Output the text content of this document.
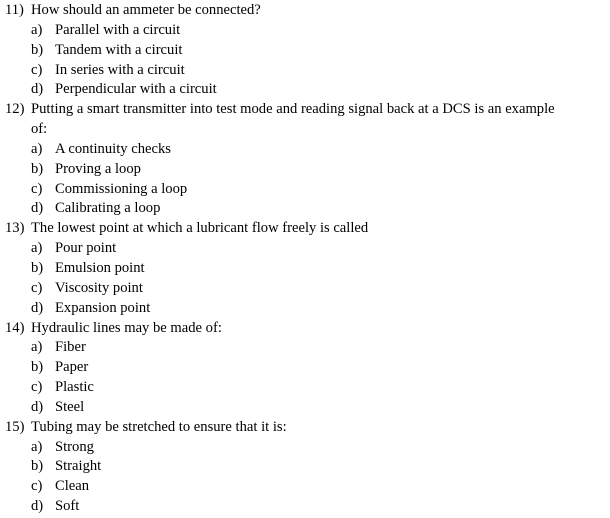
11) How should an ammeter be connected?
a) Parallel with a circuit
b) Tandem with a circuit
c) In series with a circuit
d) Perpendicular with a circuit
12) Putting a smart transmitter into test mode and reading signal back at a DCS is an example
of:
a) A continuity checks
b) Proving a loop
c) Commissioning a loop
d) Calibrating a loop
13) The lowest point at which a lubricant flow freely is called
a) Pour point
b) Emulsion point
c) Viscosity point
d) Expansion point
14) Hydraulic lines may be made of:
a) Fiber
b) Paper
c) Plastic
d) Steel
15) Tubing may be stretched to ensure that it is:
a) Strong
b) Straight
c) Clean
d) Soft
